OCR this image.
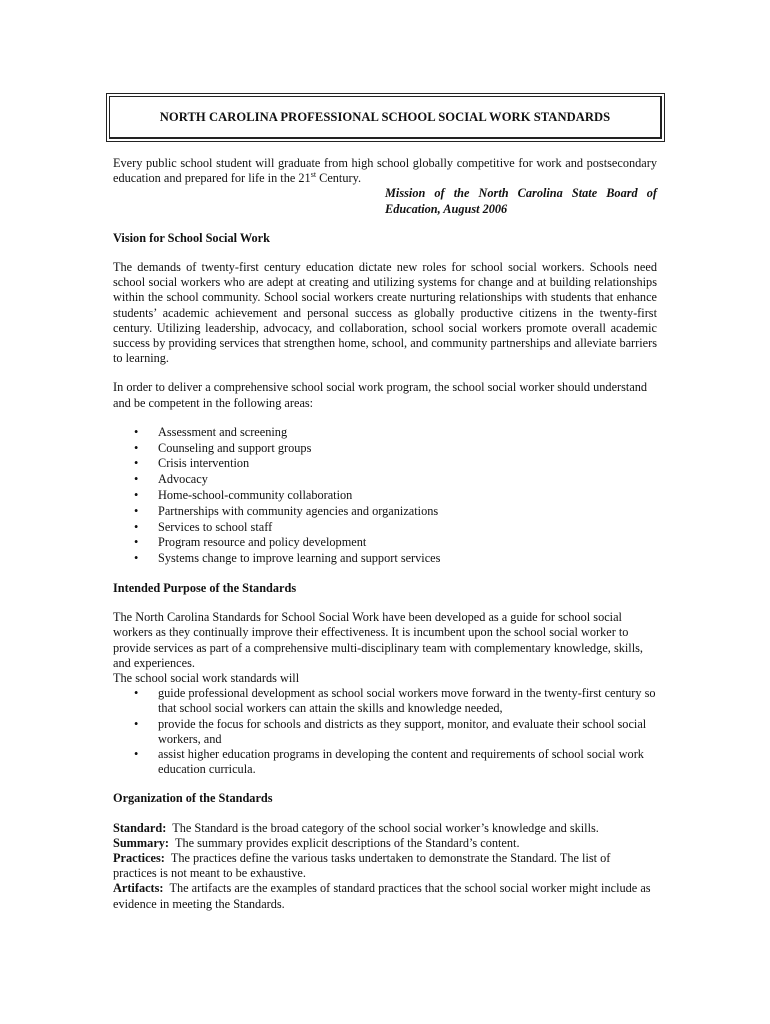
NORTH CAROLINA PROFESSIONAL SCHOOL SOCIAL WORK STANDARDS

Every public school student will graduate from high school globally competitive for work and postsecondary education and prepared for life in the 21st Century.

Mission of the North Carolina State Board of
Education, August 2006
Vision for School Social Work

The demands of twenty-first century education dictate new roles for school social workers. Schools need school social workers who are adept at creating and utilizing systems for change and at building relationships within the school community. School social workers create nurturing relationships with students that enhance students’ academic achievement and personal success as globally productive citizens in the twenty-first century. Utilizing leadership, advocacy, and collaboration, school social workers promote overall academic success by providing services that strengthen home, school, and community partnerships and alleviate barriers to learning.

In order to deliver a comprehensive school social work program, the school social worker should understand and be competent in the following areas:

• Assessment and screening
• Counseling and support groups
• Crisis intervention
• Advocacy
• Home-school-community collaboration
• Partnerships with community agencies and organizations
• Services to school staff
• Program resource and policy development
• Systems change to improve learning and support services
Intended Purpose of the Standards

The North Carolina Standards for School Social Work have been developed as a guide for school social workers as they continually improve their effectiveness. It is incumbent upon the school social worker to provide services as part of a comprehensive multi-disciplinary team with complementary knowledge, skills, and experiences.

The school social work standards will

• guide professional development as school social workers move forward in the twenty-first century so that school social workers can attain the skills and knowledge needed,
• provide the focus for schools and districts as they support, monitor, and evaluate their school social workers, and
• assist higher education programs in developing the content and requirements of school social work education curricula.
Organization of the Standards

Standard:  The Standard is the broad category of the school social worker’s knowledge and skills.

Summary:  The summary provides explicit descriptions of the Standard’s content.

Practices:  The practices define the various tasks undertaken to demonstrate the Standard. The list of practices is not meant to be exhaustive.

Artifacts:  The artifacts are the examples of standard practices that the school social worker might include as evidence in meeting the Standards.
